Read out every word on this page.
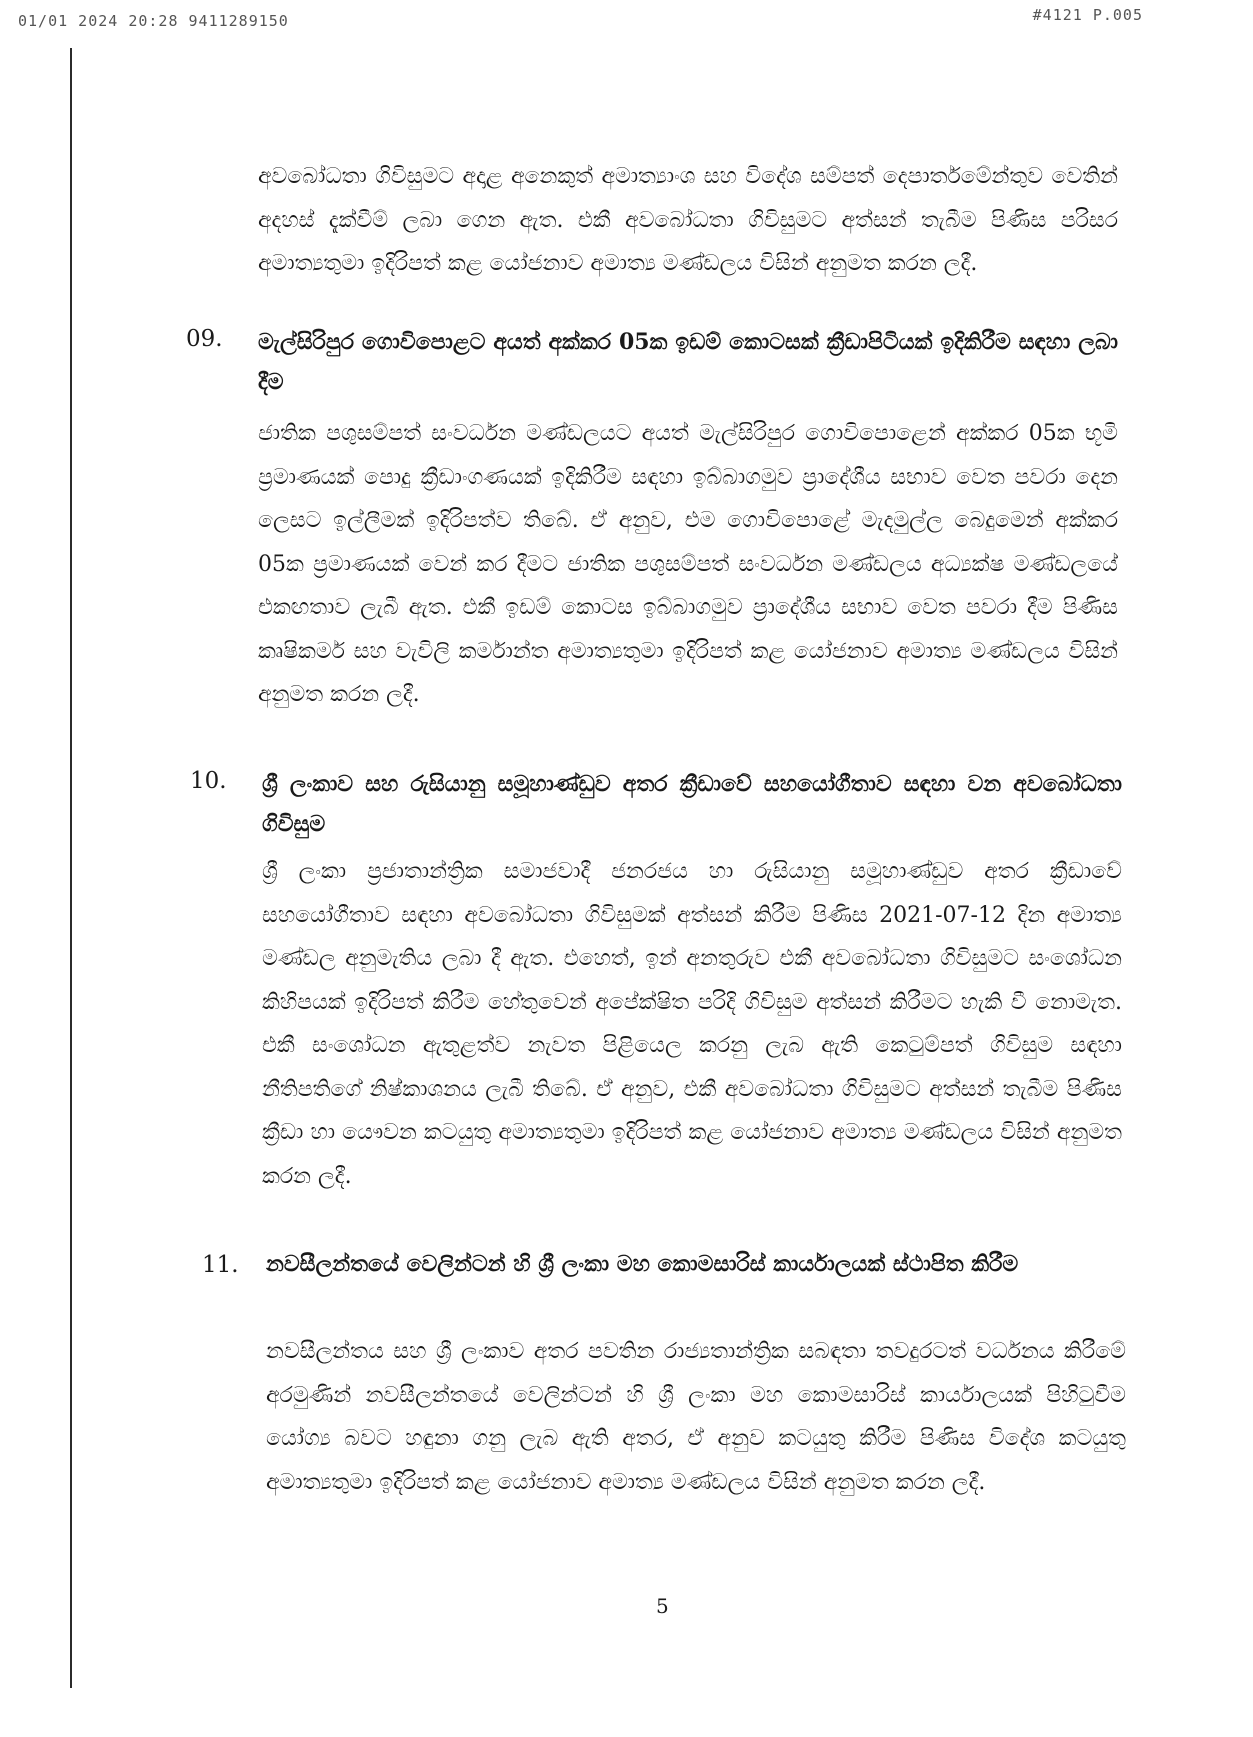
01/01 2024 20:28 9411289150	#4121 P.005
අවබෝධතා ගිවිසුමට අදාළ අනෙකුත් අමාත්‍යාංශ සහ විදේශ සම්පත් දෙපාර්තමේන්තුව වෙතින් අදහස් දැක්වීම් ලබා ගෙන ඇත. එකී අවබෝධතා ගිවිසුමට අත්සන් තැබීම පිණිස පරිසර අමාත්‍යතුමා ඉදිරිපත් කළ යෝජනාව අමාත්‍ය මණ්ඩලය විසින් අනුමත කරන ලදී.
09. මැල්සිරිපුර ගොවිපොළට අයත් අක්කර 05ක ඉඩම් කොටසක් ක්‍රීඩාපිටියක් ඉදිකිරීම සඳහා ලබා දීම
ජාතික පශුසම්පත් සංවර්ධන මණ්ඩලයට අයත් මැල්සිරිපුර ගොවිපොළෙන් අක්කර 05ක භූමි ප්‍රමාණයක් පොදු ක්‍රීඩාංගණයක් ඉදිකිරීම සඳහා ඉබ්බාගමුව ප්‍රාදේශීය සභාව වෙත පවරා දෙන ලෙසට ඉල්ලීමක් ඉදිරිපත්ව තිබේ. ඒ අනුව, එම ගොවිපොළේ මැදමුල්ල බෙදුමෙන් අක්කර 05ක ප්‍රමාණයක් වෙන් කර දීමට ජාතික පශුසම්පත් සංවර්ධන මණ්ඩලය අධ්‍යක්ෂ මණ්ඩලයේ එකඟතාව ලැබී ඇත. එකී ඉඩම් කොටස ඉබ්බාගමුව ප්‍රාදේශීය සභාව වෙත පවරා දීම පිණිස කෘෂිකර්ම සහ වැවිලි කර්මාන්ත අමාත්‍යතුමා ඉදිරිපත් කළ යෝජනාව අමාත්‍ය මණ්ඩලය විසින් අනුමත කරන ලදී.
10. ශ්‍රී ලංකාව සහ රුසියානු සමූහාණ්ඩුව අතර ක්‍රීඩාවේ සහයෝගීතාව සඳහා වන අවබෝධතා ගිවිසුම
ශ්‍රී ලංකා ප්‍රජාතාන්ත්‍රික සමාජවාදී ජනරජය හා රුසියානු සමූහාණ්ඩුව අතර ක්‍රීඩාවේ සහයෝගීතාව සඳහා අවබෝධතා ගිවිසුමක් අත්සන් කිරීම පිණිස 2021-07-12 දින අමාත්‍ය මණ්ඩල අනුමැතිය ලබා දී ඇත. එහෙත්, ඉන් අනතුරුව එකී අවබෝධතා ගිවිසුමට සංශෝධන කිහිපයක් ඉදිරිපත් කිරීම හේතුවෙන් අපේක්ෂිත පරිදි ගිවිසුම අත්සන් කිරීමට හැකි වී නොමැත. එකී සංශෝධන ඇතුළත්ව නැවත පිළියෙල කරනු ලැබ ඇති කෙටුම්පත් ගිවිසුම සඳහා නීතිපතිගේ නිෂ්කාශනය ලැබී තිබේ. ඒ අනුව, එකී අවබෝධතා ගිවිසුමට අත්සන් තැබීම පිණිස ක්‍රීඩා හා යෞවන කටයුතු අමාත්‍යතුමා ඉදිරිපත් කළ යෝජනාව අමාත්‍ය මණ්ඩලය විසින් අනුමත කරන ලදී.
11. නවසීලන්තයේ වෙලින්ටන් හි ශ්‍රී ලංකා මහ කොමසාරිස් කාර්යාලයක් ස්ථාපිත කිරීම
නවසීලන්තය සහ ශ්‍රී ලංකාව අතර පවතින රාජ්‍යතාන්ත්‍රික සබඳතා තවදුරටත් වර්ධනය කිරීමේ අරමුණින් නවසීලන්තයේ වෙලින්ටන් හි ශ්‍රී ලංකා මහ කොමසාරිස් කාර්යාලයක් පිහිටුවීම යෝග්‍ය බවට හඳුනා ගනු ලැබ ඇති අතර, ඒ අනුව කටයුතු කිරීම පිණිස විදේශ කටයුතු අමාත්‍යතුමා ඉදිරිපත් කළ යෝජනාව අමාත්‍ය මණ්ඩලය විසින් අනුමත කරන ලදී.
5
